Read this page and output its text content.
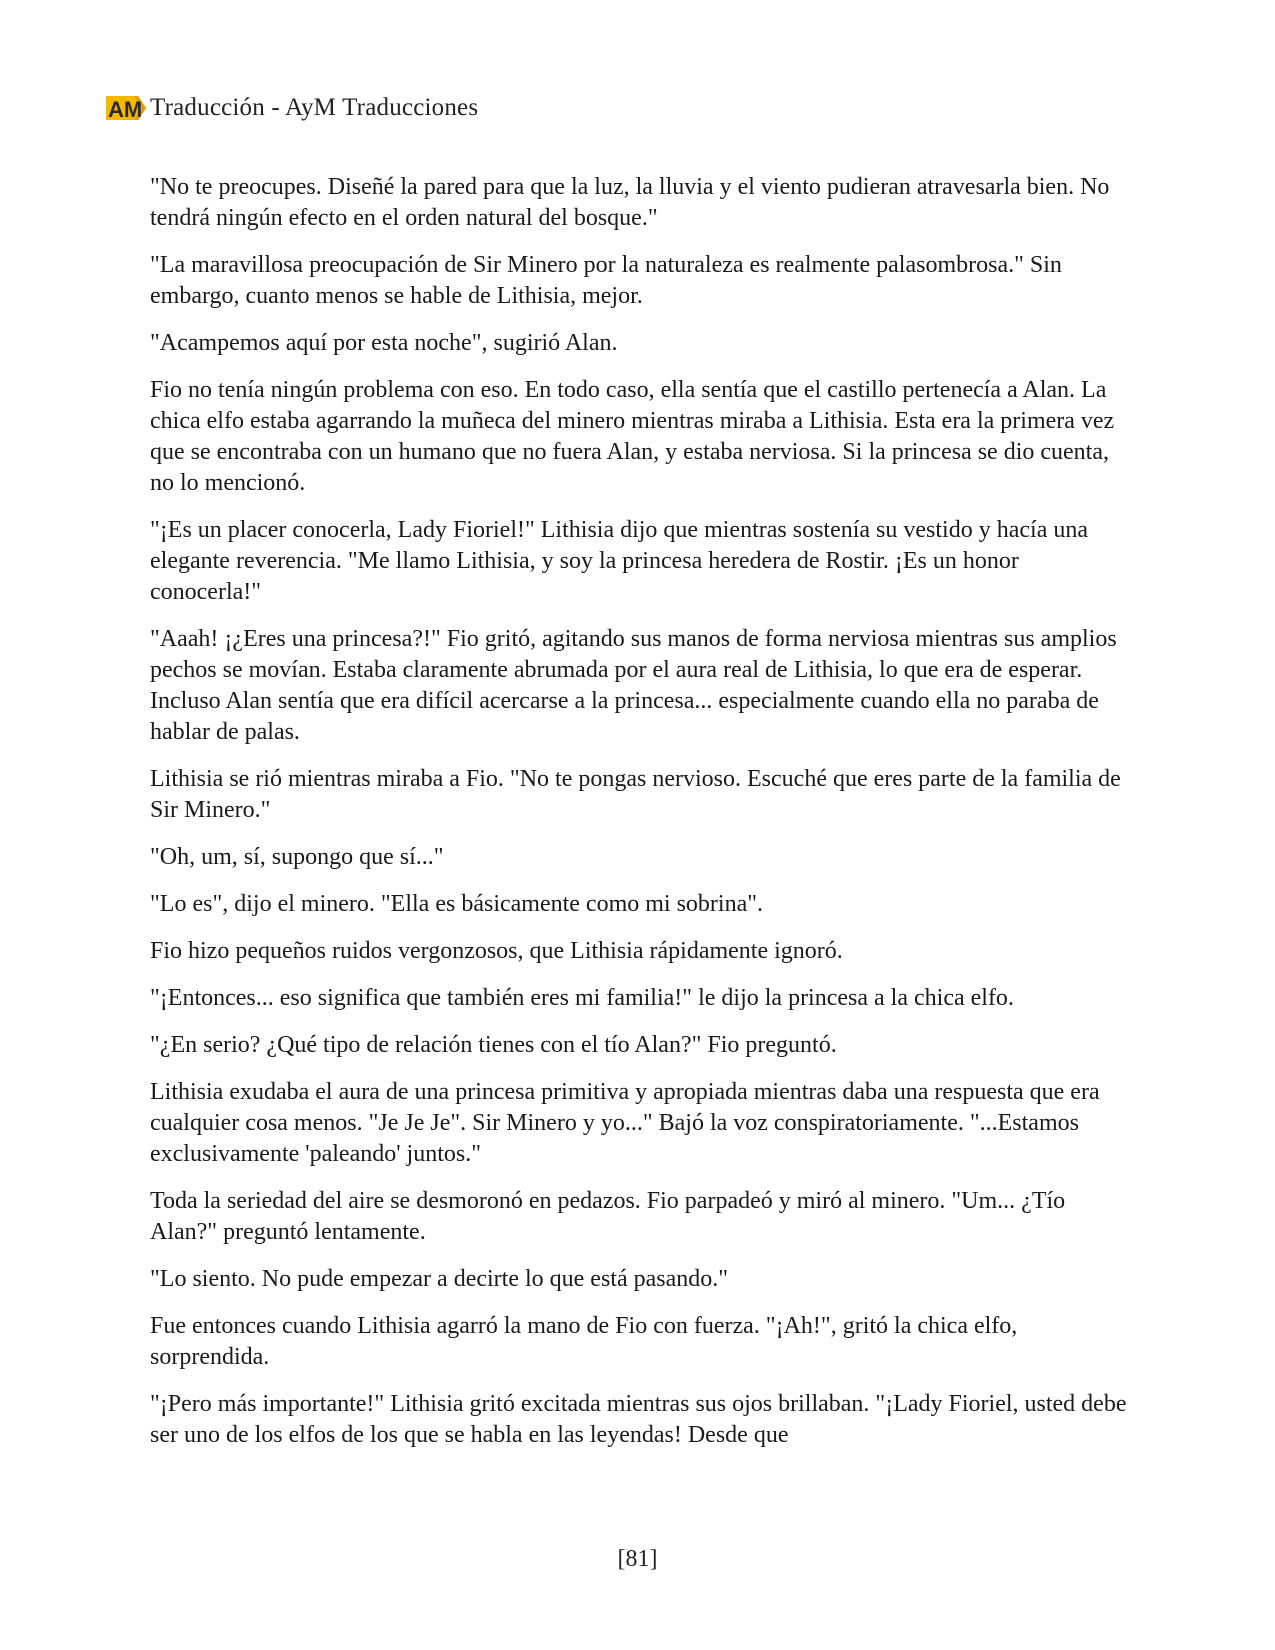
AM Traducción - AyM Traducciones

"No te preocupes. Diseñé la pared para que la luz, la lluvia y el viento pudieran atravesarla bien. No tendrá ningún efecto en el orden natural del bosque."

"La maravillosa preocupación de Sir Minero por la naturaleza es realmente palasombrosa." Sin embargo, cuanto menos se hable de Lithisia, mejor.

"Acampemos aquí por esta noche", sugirió Alan.

Fio no tenía ningún problema con eso. En todo caso, ella sentía que el castillo pertenecía a Alan. La chica elfo estaba agarrando la muñeca del minero mientras miraba a Lithisia. Esta era la primera vez que se encontraba con un humano que no fuera Alan, y estaba nerviosa. Si la princesa se dio cuenta, no lo mencionó.

"¡Es un placer conocerla, Lady Fioriel!" Lithisia dijo que mientras sostenía su vestido y hacía una elegante reverencia. "Me llamo Lithisia, y soy la princesa heredera de Rostir. ¡Es un honor conocerla!"

"Aaah! ¡¿Eres una princesa?!" Fio gritó, agitando sus manos de forma nerviosa mientras sus amplios pechos se movían. Estaba claramente abrumada por el aura real de Lithisia, lo que era de esperar. Incluso Alan sentía que era difícil acercarse a la princesa... especialmente cuando ella no paraba de hablar de palas.

Lithisia se rió mientras miraba a Fio. "No te pongas nervioso. Escuché que eres parte de la familia de Sir Minero."

"Oh, um, sí, supongo que sí..."

"Lo es", dijo el minero. "Ella es básicamente como mi sobrina".

Fio hizo pequeños ruidos vergonzosos, que Lithisia rápidamente ignoró.

"¡Entonces... eso significa que también eres mi familia!" le dijo la princesa a la chica elfo.

"¿En serio? ¿Qué tipo de relación tienes con el tío Alan?" Fio preguntó.

Lithisia exudaba el aura de una princesa primitiva y apropiada mientras daba una respuesta que era cualquier cosa menos. "Je Je Je". Sir Minero y yo..." Bajó la voz conspiratoriamente. "...Estamos exclusivamente 'paleando' juntos."

Toda la seriedad del aire se desmoronó en pedazos. Fio parpadeó y miró al minero. "Um... ¿Tío Alan?" preguntó lentamente.

"Lo siento. No pude empezar a decirte lo que está pasando."

Fue entonces cuando Lithisia agarró la mano de Fio con fuerza. "¡Ah!", gritó la chica elfo, sorprendida.

"¡Pero más importante!" Lithisia gritó excitada mientras sus ojos brillaban. "¡Lady Fioriel, usted debe ser uno de los elfos de los que se habla en las leyendas! Desde que

[81]
